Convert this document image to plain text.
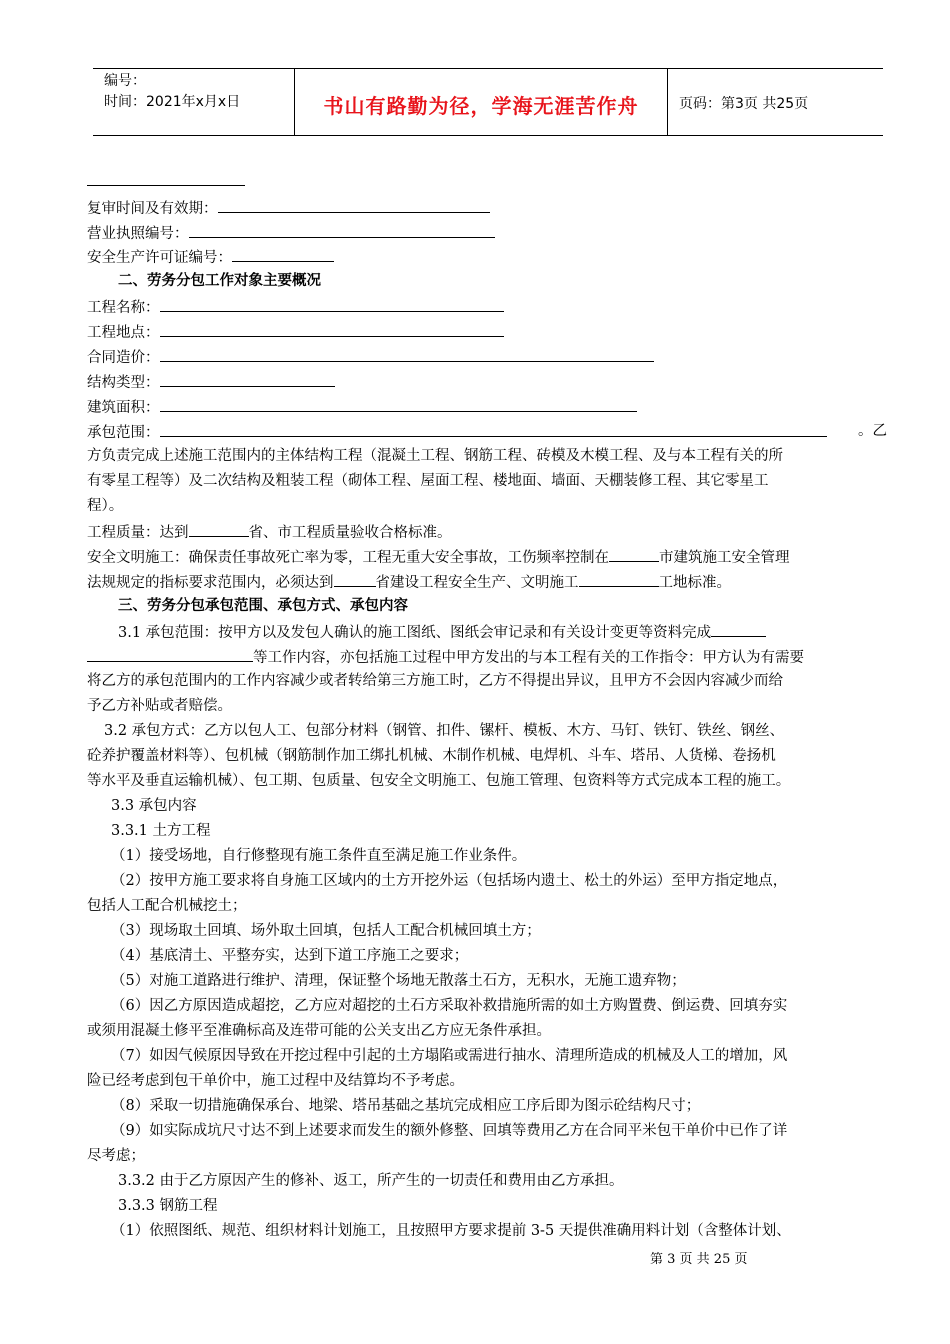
编号：
时间：2021年x月x日	书山有路勤为径，学海无涯苦作舟	页码：第3页 共25页
复审时间及有效期：
营业执照编号：
安全生产许可证编号：
二、劳务分包工作对象主要概况
工程名称：
工程地点：
合同造价：
结构类型：
建筑面积：
承包范围：	。乙
方负责完成上述施工范围内的主体结构工程（混凝土工程、钢筋工程、砖模及木模工程、及与本工程有关的所
有零星工程等）及二次结构及粗装工程（砌体工程、屋面工程、楼地面、墙面、天棚装修工程、其它零星工
程）。
工程质量：达到	省、市工程质量验收合格标准。
安全文明施工：确保责任事故死亡率为零，工程无重大安全事故，工伤频率控制在	市建筑施工安全管理
法规规定的指标要求范围内，必须达到	省建设工程安全生产、文明施工	工地标准。
三、劳务分包承包范围、承包方式、承包内容
3.1 承包范围：按甲方以及发包人确认的施工图纸、图纸会审记录和有关设计变更等资料完成
等工作内容，亦包括施工过程中甲方发出的与本工程有关的工作指令：甲方认为有需要
将乙方的承包范围内的工作内容减少或者转给第三方施工时，乙方不得提出异议，且甲方不会因内容减少而给
予乙方补贴或者赔偿。
3.2 承包方式：乙方以包人工、包部分材料（钢管、扣件、镙杆、模板、木方、马钉、铁钉、铁丝、钢丝、
砼养护覆盖材料等）、包机械（钢筋制作加工绑扎机械、木制作机械、电焊机、斗车、塔吊、人货梯、卷扬机
等水平及垂直运输机械）、包工期、包质量、包安全文明施工、包施工管理、包资料等方式完成本工程的施工。
3.3 承包内容
3.3.1 土方工程
（1）接受场地，自行修整现有施工条件直至满足施工作业条件。
（2）按甲方施工要求将自身施工区域内的土方开挖外运（包括场内遗土、松土的外运）至甲方指定地点，
包括人工配合机械挖土；
（3）现场取土回填、场外取土回填，包括人工配合机械回填土方；
（4）基底清土、平整夯实，达到下道工序施工之要求；
（5）对施工道路进行维护、清理，保证整个场地无散落土石方，无积水，无施工遗弃物；
（6）因乙方原因造成超挖，乙方应对超挖的土石方采取补救措施所需的如土方购置费、倒运费、回填夯实
或须用混凝土修平至准确标高及连带可能的公关支出乙方应无条件承担。
（7）如因气候原因导致在开挖过程中引起的土方塌陷或需进行抽水、清理所造成的机械及人工的增加，风
险已经考虑到包干单价中，施工过程中及结算均不予考虑。
（8）采取一切措施确保承台、地梁、塔吊基础之基坑完成相应工序后即为图示砼结构尺寸；
（9）如实际成坑尺寸达不到上述要求而发生的额外修整、回填等费用乙方在合同平米包干单价中已作了详
尽考虑；
3.3.2 由于乙方原因产生的修补、返工，所产生的一切责任和费用由乙方承担。
3.3.3 钢筋工程
（1）依照图纸、规范、组织材料计划施工，且按照甲方要求提前 3-5 天提供准确用料计划（含整体计划、
第 3 页 共 25 页
